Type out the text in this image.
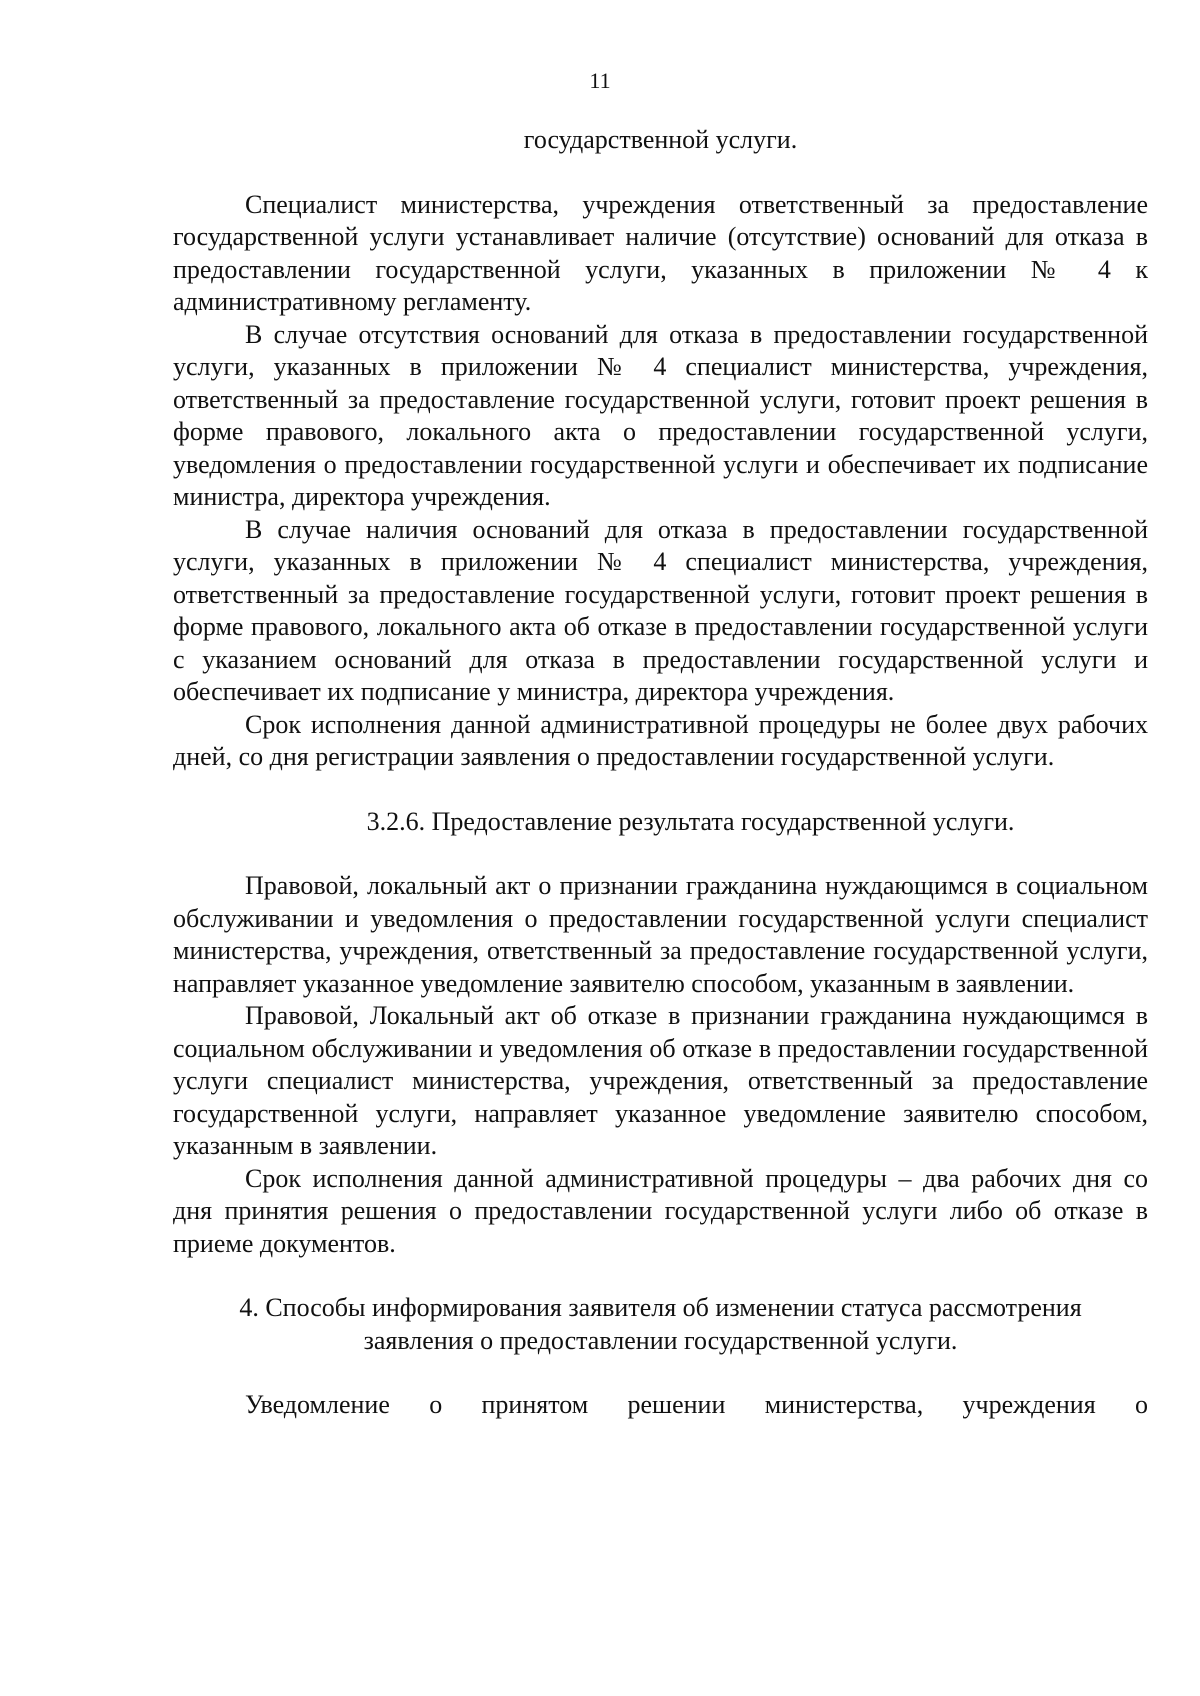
11
государственной услуги.

Специалист министерства, учреждения ответственный за предоставление государственной услуги устанавливает наличие (отсутствие) оснований для отказа в предоставлении государственной услуги, указанных в приложении № 4 к административному регламенту.

В случае отсутствия оснований для отказа в предоставлении государственной услуги, указанных в приложении № 4 специалист министерства, учреждения, ответственный за предоставление государственной услуги, готовит проект решения в форме правового, локального акта о предоставлении государственной услуги, уведомления о предоставлении государственной услуги и обеспечивает их подписание министра, директора учреждения.

В случае наличия оснований для отказа в предоставлении государственной услуги, указанных в приложении № 4 специалист министерства, учреждения, ответственный за предоставление государственной услуги, готовит проект решения в форме правового, локального акта об отказе в предоставлении государственной услуги с указанием оснований для отказа в предоставлении государственной услуги и обеспечивает их подписание у министра, директора учреждения.

Срок исполнения данной административной процедуры не более двух рабочих дней, со дня регистрации заявления о предоставлении государственной услуги.

3.2.6. Предоставление результата государственной услуги.

Правовой, локальный акт о признании гражданина нуждающимся в социальном обслуживании и уведомления о предоставлении государственной услуги специалист министерства, учреждения, ответственный за предоставление государственной услуги, направляет указанное уведомление заявителю способом, указанным в заявлении.

Правовой, Локальный акт об отказе в признании гражданина нуждающимся в социальном обслуживании и уведомления об отказе в предоставлении государственной услуги специалист министерства, учреждения, ответственный за предоставление государственной услуги, направляет указанное уведомление заявителю способом, указанным в заявлении.

Срок исполнения данной административной процедуры – два рабочих дня со дня принятия решения о предоставлении государственной услуги либо об отказе в приеме документов.

4. Способы информирования заявителя об изменении статуса рассмотрения
заявления о предоставлении государственной услуги.

Уведомление о принятом решении министерства, учреждения о
